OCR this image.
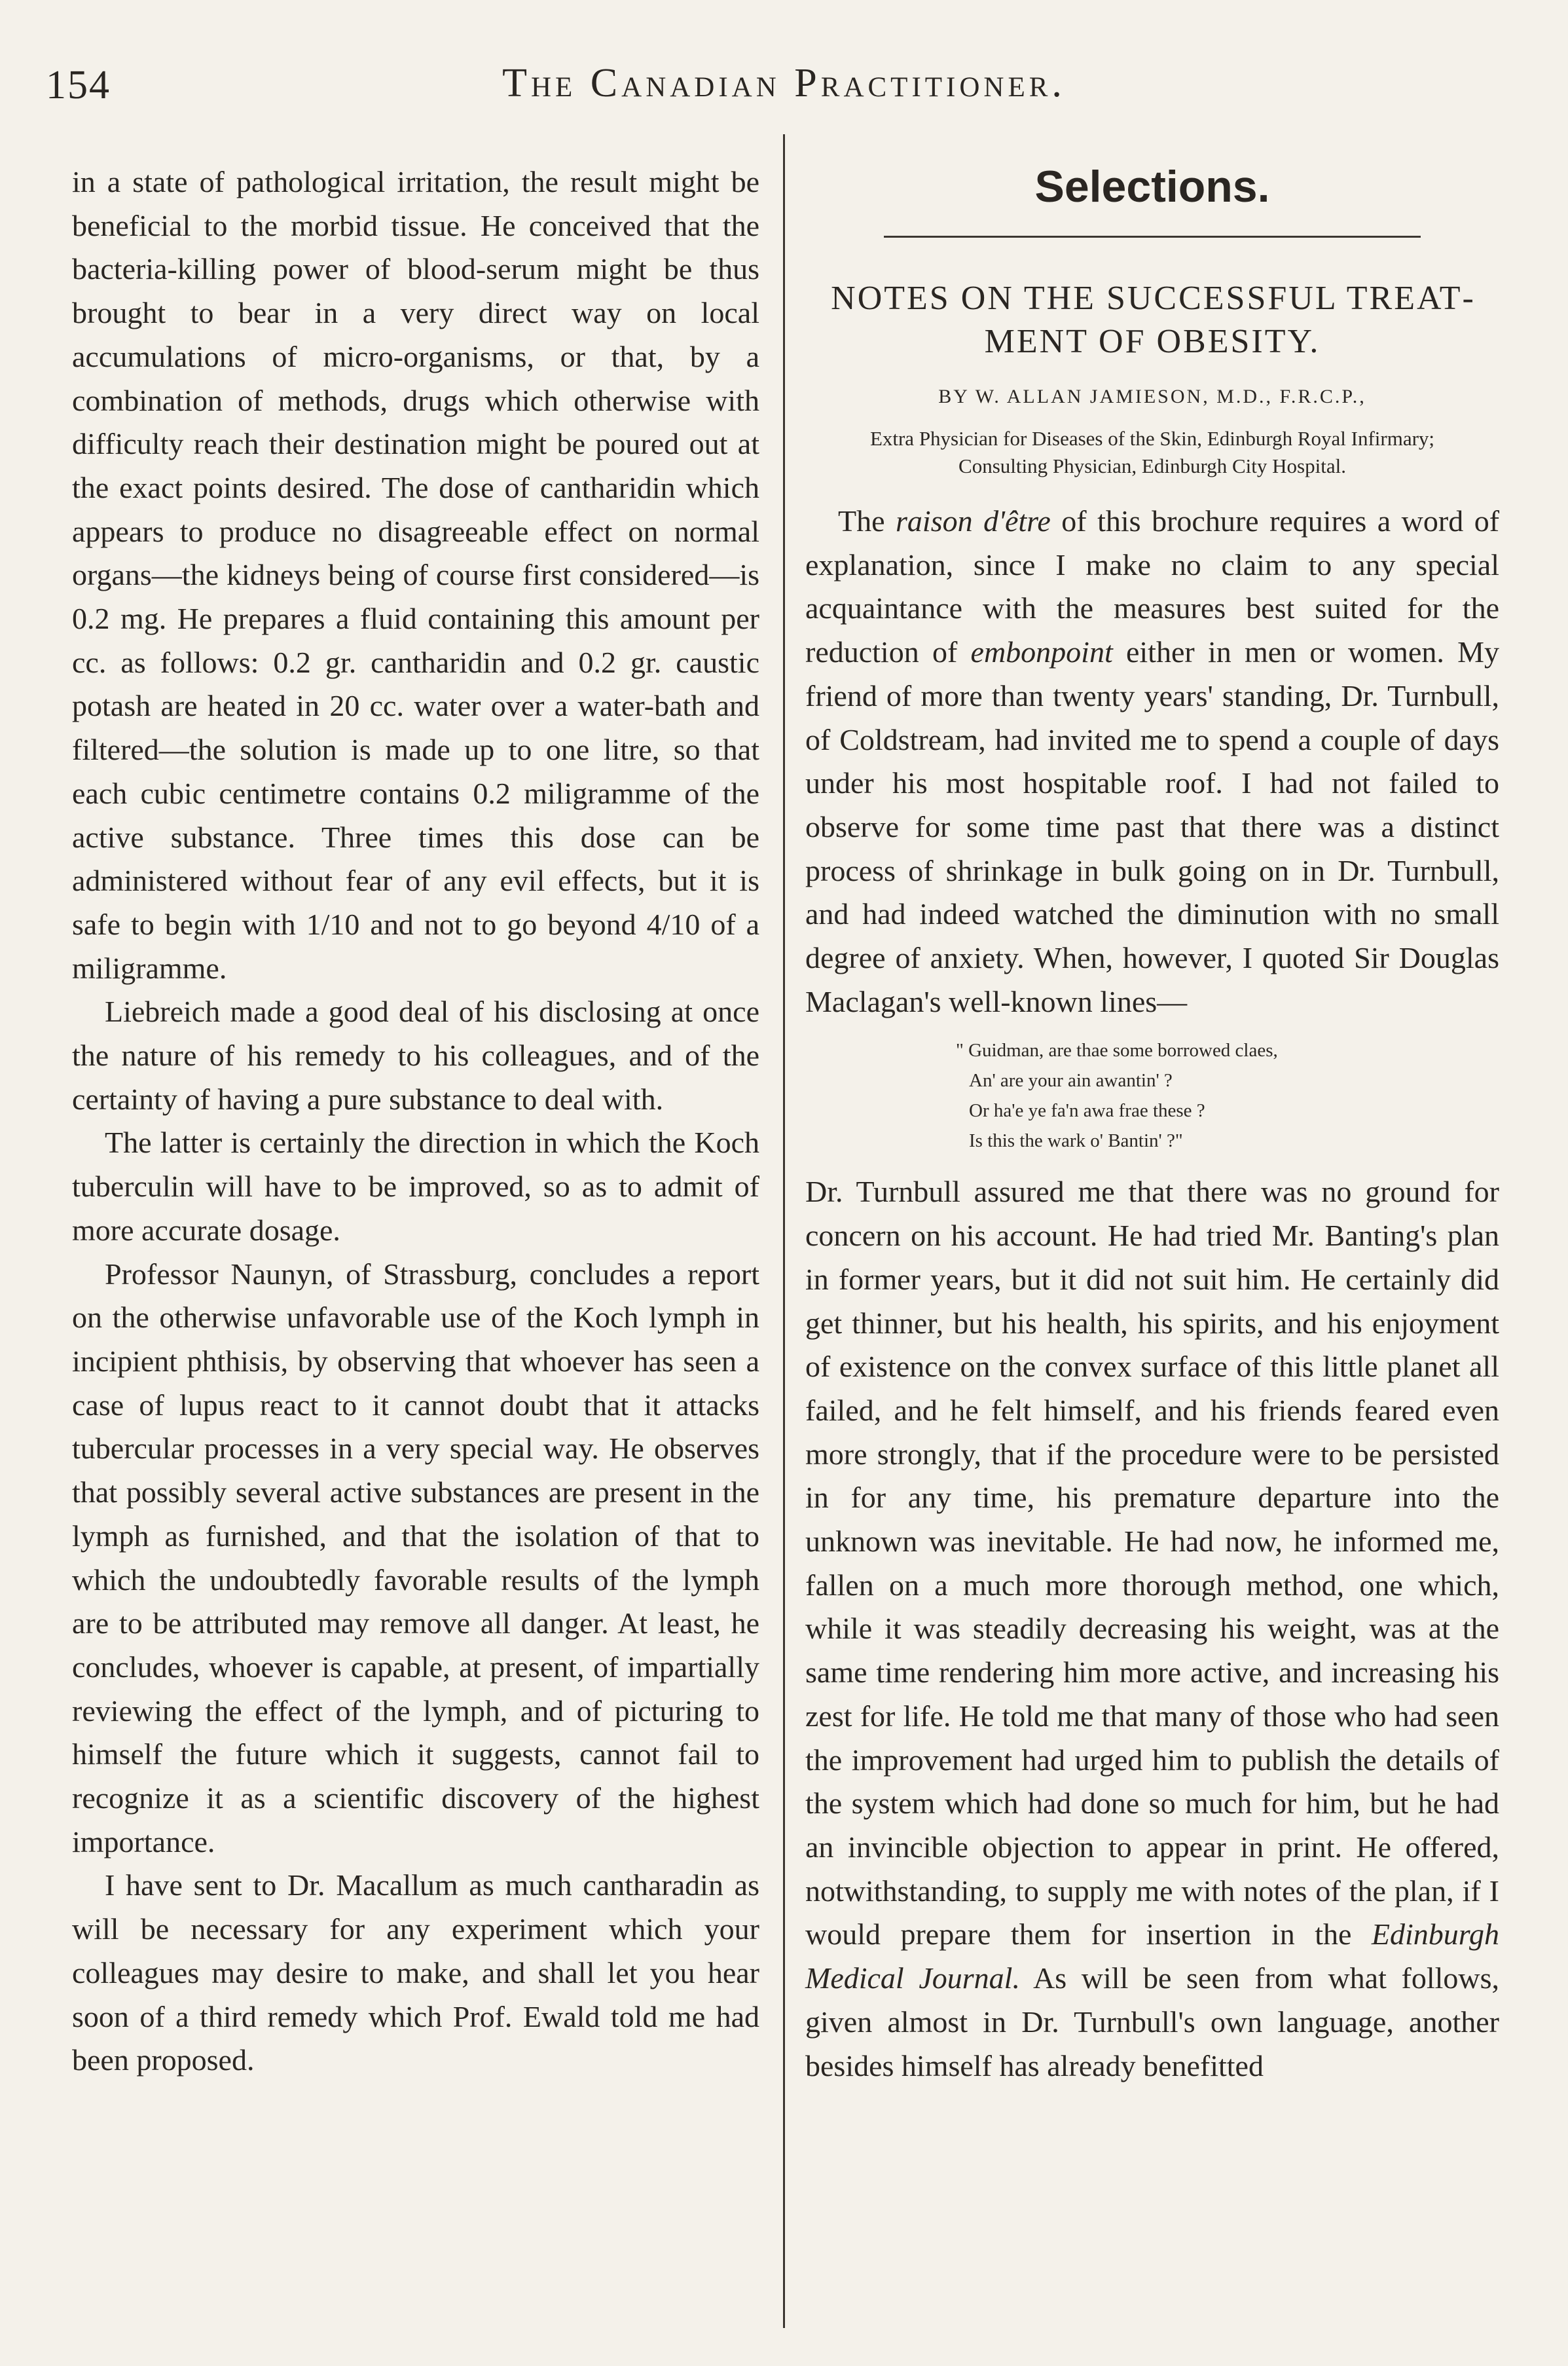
154	The Canadian Practitioner.

in a state of pathological irritation, the result might be beneficial to the morbid tissue. He conceived that the bacteria-killing power of blood-serum might be thus brought to bear in a very direct way on local accumulations of micro-organisms, or that, by a combination of methods, drugs which otherwise with difficulty reach their destination might be poured out at the exact points desired. The dose of cantharidin which appears to produce no disagreeable effect on normal organs—the kidneys being of course first considered—is 0.2 mg. He prepares a fluid containing this amount per cc. as follows: 0.2 gr. cantharidin and 0.2 gr. caustic potash are heated in 20 cc. water over a water-bath and filtered—the solution is made up to one litre, so that each cubic centimetre contains 0.2 miligramme of the active substance. Three times this dose can be administered without fear of any evil effects, but it is safe to begin with 1/10 and not to go beyond 4/10 of a miligramme.

Liebreich made a good deal of his disclosing at once the nature of his remedy to his colleagues, and of the certainty of having a pure substance to deal with.

The latter is certainly the direction in which the Koch tuberculin will have to be improved, so as to admit of more accurate dosage.

Professor Naunyn, of Strassburg, concludes a report on the otherwise unfavorable use of the Koch lymph in incipient phthisis, by observing that whoever has seen a case of lupus react to it cannot doubt that it attacks tubercular processes in a very special way. He observes that possibly several active substances are present in the lymph as furnished, and that the isolation of that to which the undoubtedly favorable results of the lymph are to be attributed may remove all danger. At least, he concludes, whoever is capable, at present, of impartially reviewing the effect of the lymph, and of picturing to himself the future which it suggests, cannot fail to recognize it as a scientific discovery of the highest importance.

I have sent to Dr. Macallum as much cantharadin as will be necessary for any experiment which your colleagues may desire to make, and shall let you hear soon of a third remedy which Prof. Ewald told me had been proposed.

Selections.
NOTES ON THE SUCCESSFUL TREATMENT OF OBESITY.
BY W. ALLAN JAMIESON, M.D., F.R.C.P.,
Extra Physician for Diseases of the Skin, Edinburgh Royal Infirmary; Consulting Physician, Edinburgh City Hospital.

The raison d'être of this brochure requires a word of explanation, since I make no claim to any special acquaintance with the measures best suited for the reduction of embonpoint either in men or women. My friend of more than twenty years' standing, Dr. Turnbull, of Coldstream, had invited me to spend a couple of days under his most hospitable roof. I had not failed to observe for some time past that there was a distinct process of shrinkage in bulk going on in Dr. Turnbull, and had indeed watched the diminution with no small degree of anxiety. When, however, I quoted Sir Douglas Maclagan's well-known lines—

" Guidman, are thae some borrowed claes,
An' are your ain awantin' ?
Or ha'e ye fa'n awa frae these ?
Is this the wark o' Bantin' ?"

Dr. Turnbull assured me that there was no ground for concern on his account. He had tried Mr. Banting's plan in former years, but it did not suit him. He certainly did get thinner, but his health, his spirits, and his enjoyment of existence on the convex surface of this little planet all failed, and he felt himself, and his friends feared even more strongly, that if the procedure were to be persisted in for any time, his premature departure into the unknown was inevitable. He had now, he informed me, fallen on a much more thorough method, one which, while it was steadily decreasing his weight, was at the same time rendering him more active, and increasing his zest for life. He told me that many of those who had seen the improvement had urged him to publish the details of the system which had done so much for him, but he had an invincible objection to appear in print. He offered, notwithstanding, to supply me with notes of the plan, if I would prepare them for insertion in the Edinburgh Medical Journal. As will be seen from what follows, given almost in Dr. Turnbull's own language, another besides himself has already benefitted
